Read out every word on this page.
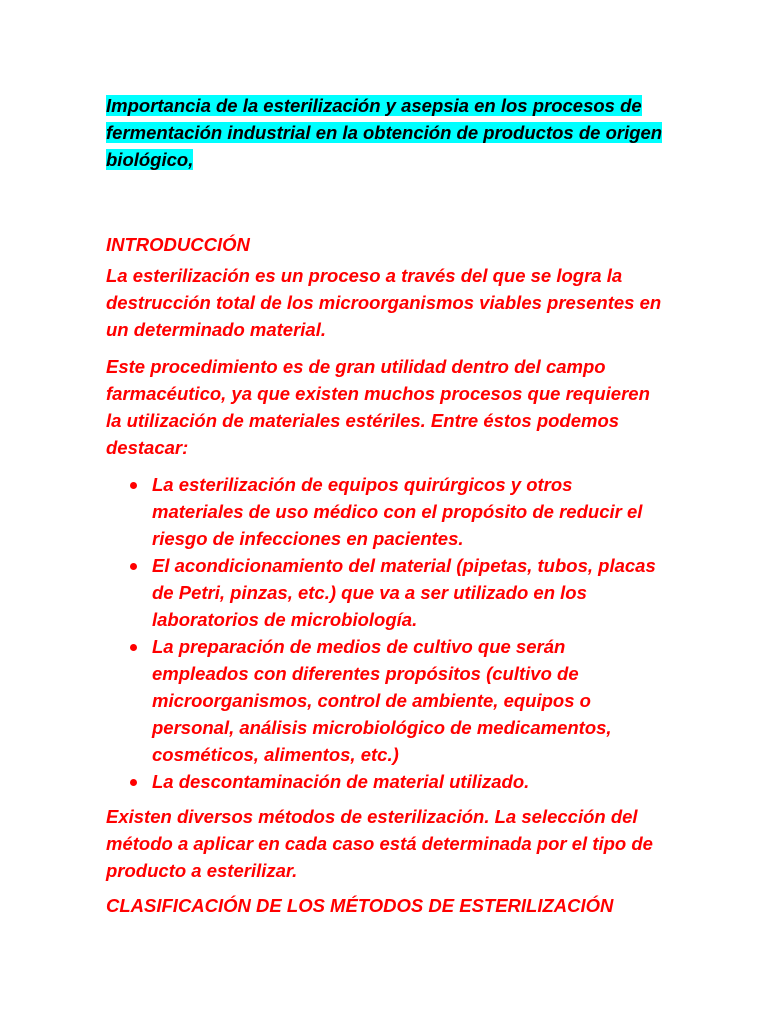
Importancia de la esterilización y asepsia en los procesos de
fermentación industrial en la obtención de productos de origen
biológico,

INTRODUCCIÓN

La esterilización es un proceso a través del que se logra la destrucción total de los microorganismos viables presentes en un determinado material.

Este procedimiento es de gran utilidad dentro del campo farmacéutico, ya que existen muchos procesos que requieren la utilización de materiales estériles. Entre éstos podemos destacar:

La esterilización de equipos quirúrgicos y otros materiales de uso médico con el propósito de reducir el riesgo de infecciones en pacientes.
El acondicionamiento del material (pipetas, tubos, placas de Petri, pinzas, etc.) que va a ser utilizado en los laboratorios de microbiología.
La preparación de medios de cultivo que serán empleados con diferentes propósitos (cultivo de microorganismos, control de ambiente, equipos o personal, análisis microbiológico de medicamentos, cosméticos, alimentos, etc.)
La descontaminación de material utilizado.

Existen diversos métodos de esterilización. La selección del método a aplicar en cada caso está determinada por el tipo de producto a esterilizar.

CLASIFICACIÓN DE LOS MÉTODOS DE ESTERILIZACIÓN
